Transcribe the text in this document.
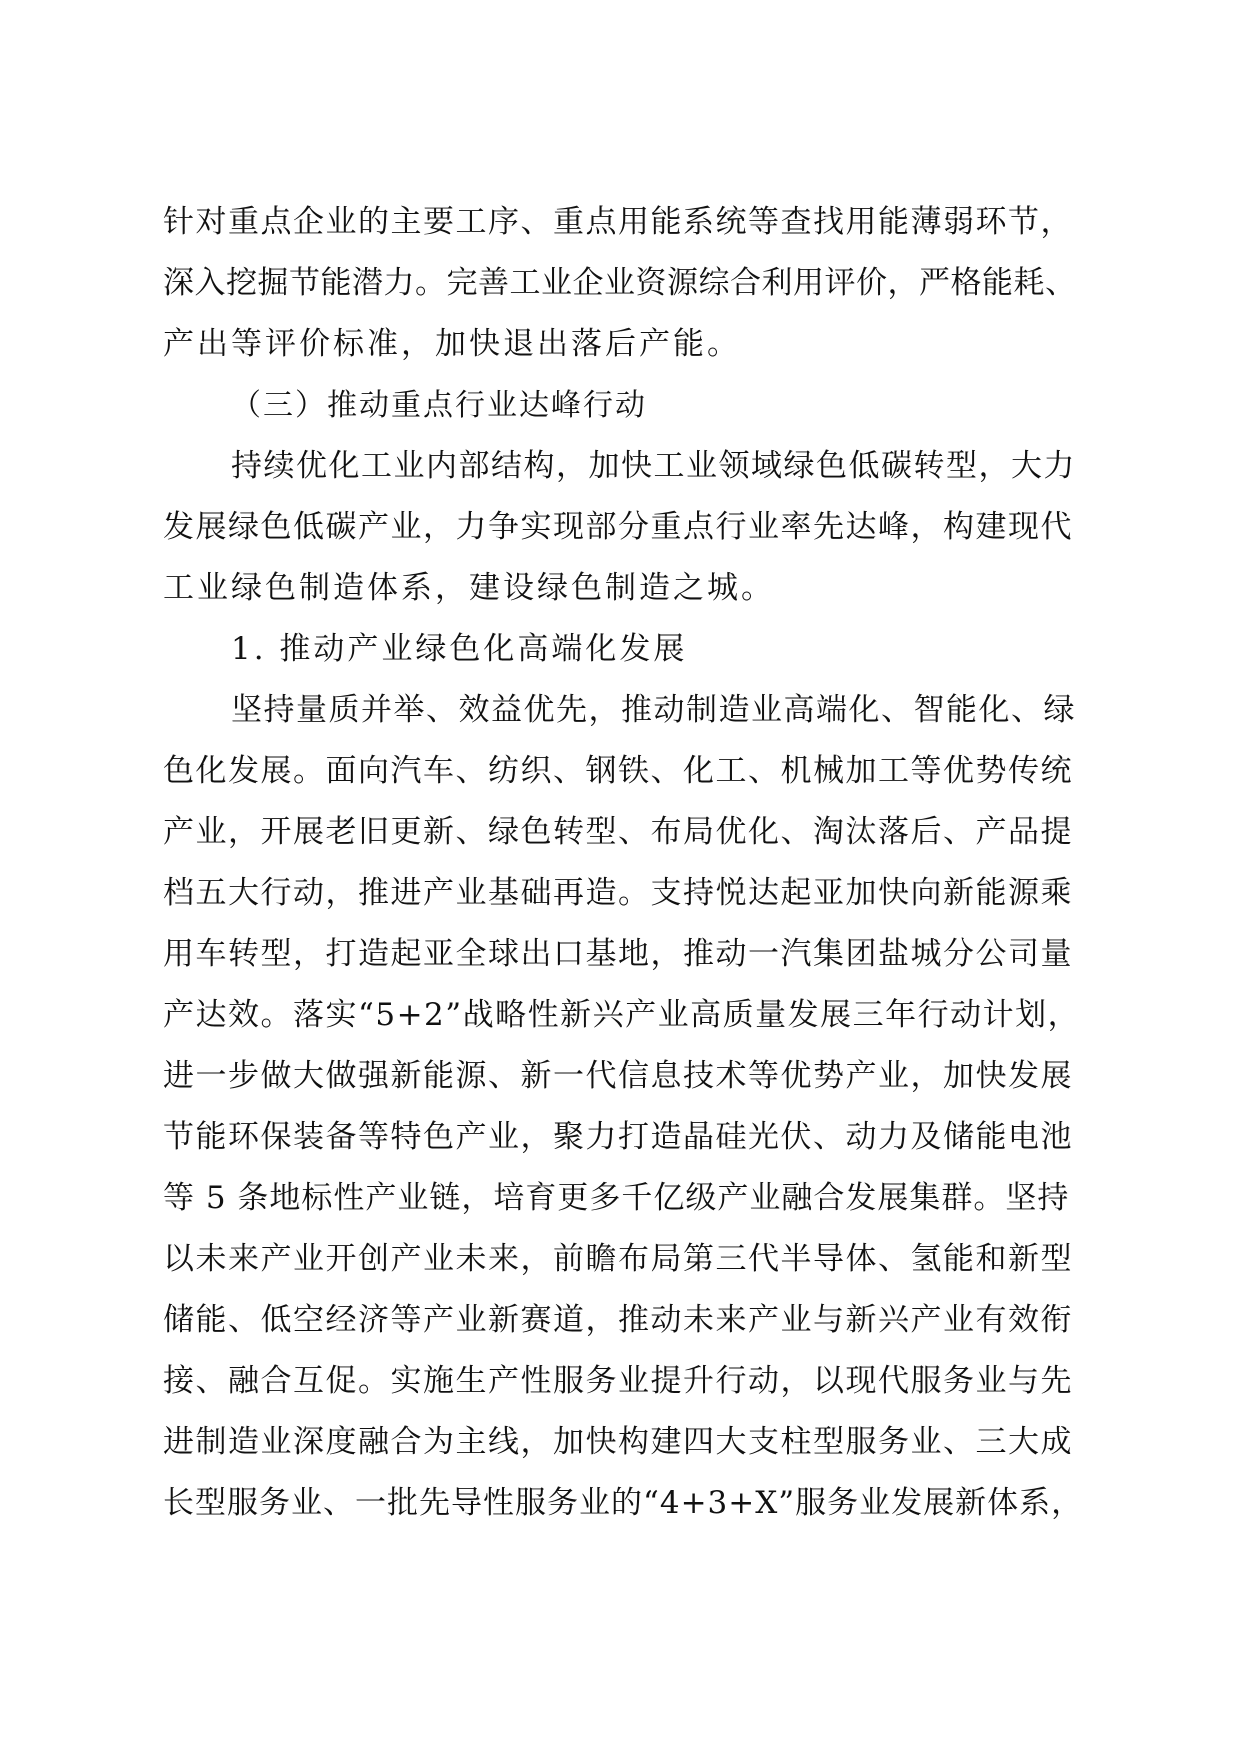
针对重点企业的主要工序、重点用能系统等查找用能薄弱环节，
深入挖掘节能潜力。完善工业企业资源综合利用评价，严格能耗、
产出等评价标准，加快退出落后产能。
（三）推动重点行业达峰行动
持续优化工业内部结构，加快工业领域绿色低碳转型，大力
发展绿色低碳产业，力争实现部分重点行业率先达峰，构建现代
工业绿色制造体系，建设绿色制造之城。
1. 推动产业绿色化高端化发展
坚持量质并举、效益优先，推动制造业高端化、智能化、绿
色化发展。面向汽车、纺织、钢铁、化工、机械加工等优势传统
产业，开展老旧更新、绿色转型、布局优化、淘汰落后、产品提
档五大行动，推进产业基础再造。支持悦达起亚加快向新能源乘
用车转型，打造起亚全球出口基地，推动一汽集团盐城分公司量
产达效。落实“5+2”战略性新兴产业高质量发展三年行动计划，
进一步做大做强新能源、新一代信息技术等优势产业，加快发展
节能环保装备等特色产业，聚力打造晶硅光伏、动力及储能电池
等 5 条地标性产业链，培育更多千亿级产业融合发展集群。坚持
以未来产业开创产业未来，前瞻布局第三代半导体、氢能和新型
储能、低空经济等产业新赛道，推动未来产业与新兴产业有效衔
接、融合互促。实施生产性服务业提升行动，以现代服务业与先
进制造业深度融合为主线，加快构建四大支柱型服务业、三大成
长型服务业、一批先导性服务业的“4+3+X”服务业发展新体系，
